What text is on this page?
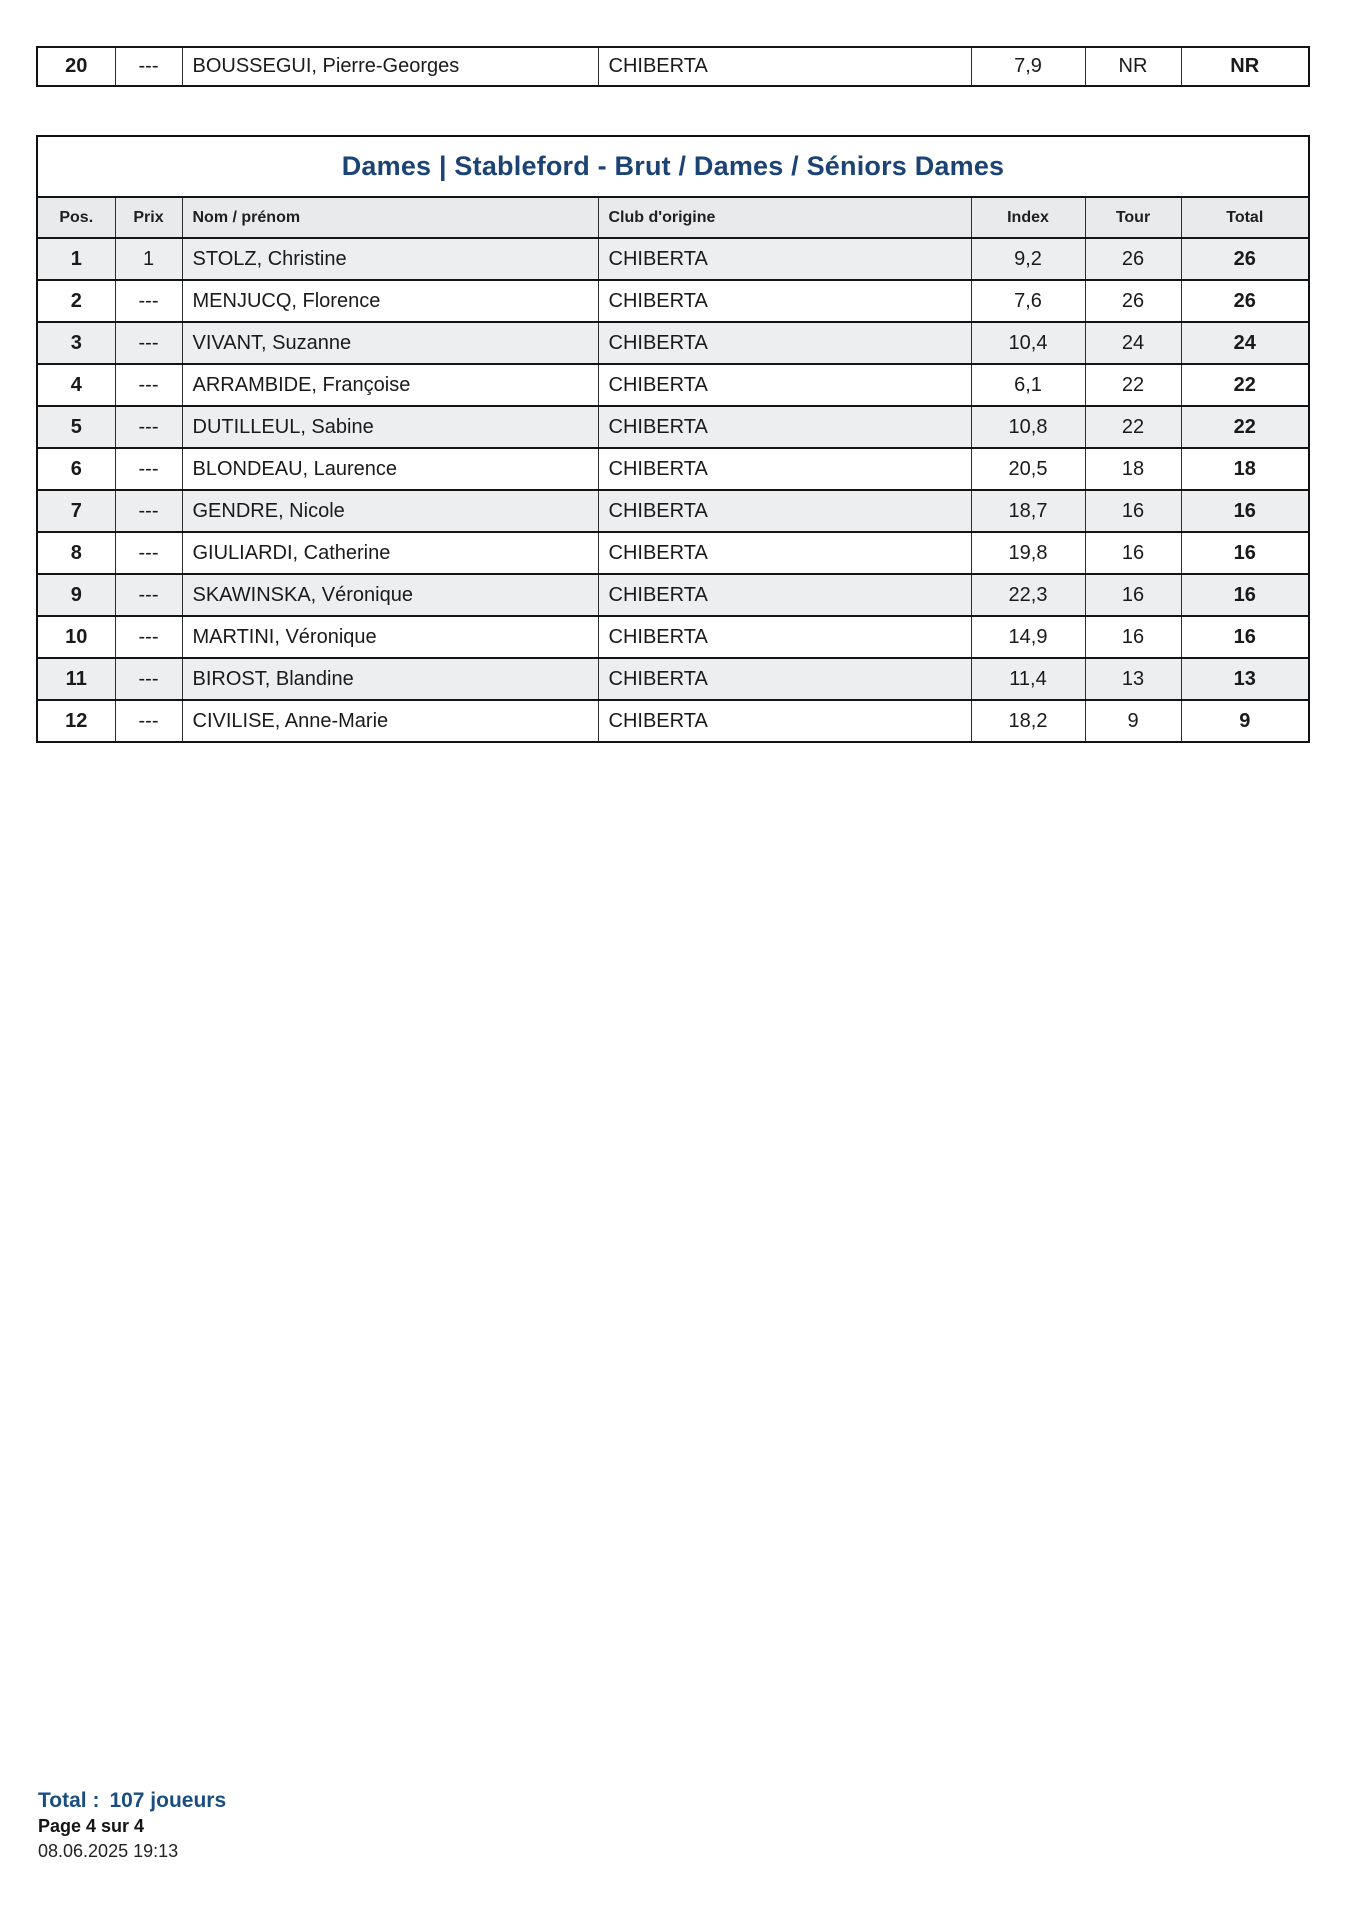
20	---	BOUSSEGUI, Pierre-Georges	CHIBERTA	7,9	NR	NR
Dames | Stableford - Brut / Dames / Séniors Dames						
Pos.	Prix	Nom / prénom	Club d'origine	Index	Tour	Total
1	1	STOLZ, Christine	CHIBERTA	9,2	26	26
2	---	MENJUCQ, Florence	CHIBERTA	7,6	26	26
3	---	VIVANT, Suzanne	CHIBERTA	10,4	24	24
4	---	ARRAMBIDE, Françoise	CHIBERTA	6,1	22	22
5	---	DUTILLEUL, Sabine	CHIBERTA	10,8	22	22
6	---	BLONDEAU, Laurence	CHIBERTA	20,5	18	18
7	---	GENDRE, Nicole	CHIBERTA	18,7	16	16
8	---	GIULIARDI, Catherine	CHIBERTA	19,8	16	16
9	---	SKAWINSKA, Véronique	CHIBERTA	22,3	16	16
10	---	MARTINI, Véronique	CHIBERTA	14,9	16	16
11	---	BIROST, Blandine	CHIBERTA	11,4	13	13
12	---	CIVILISE, Anne-Marie	CHIBERTA	18,2	9	9
Total : 107 joueurs
Page 4 sur 4
08.06.2025 19:13
